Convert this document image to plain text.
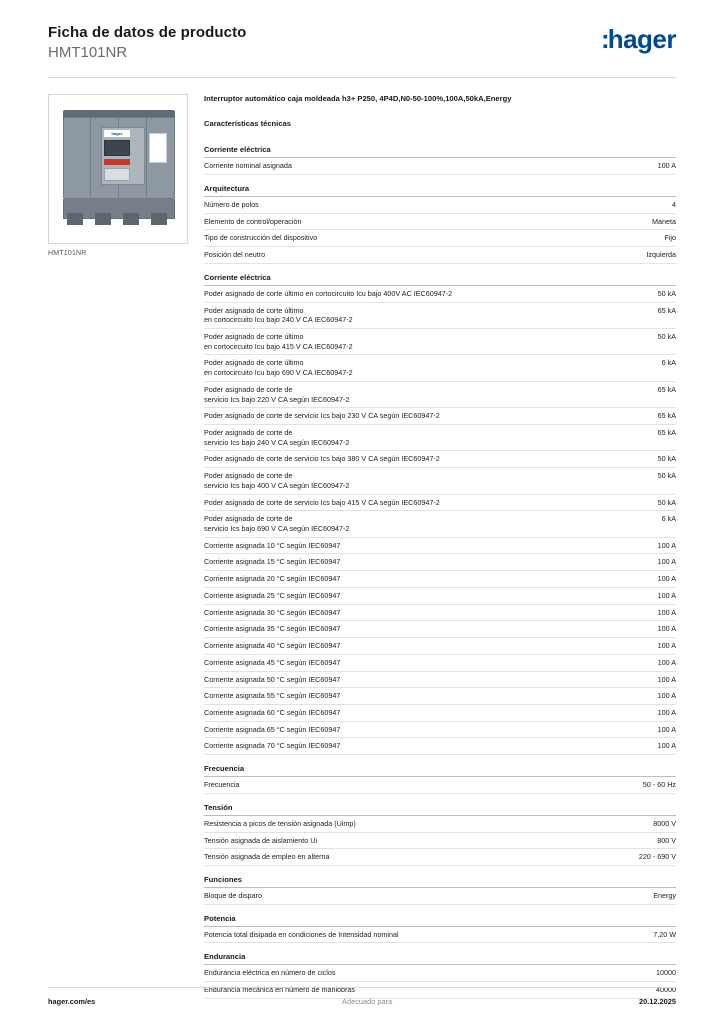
Ficha de datos de producto
HMT101NR	:hager
hager
HMT101NR
Interruptor automático caja moldeada h3+ P250, 4P4D,N0-50-100%,100A,50kA,Energy
Características técnicas
Corriente eléctrica
Corriente nominal asignada	100 A
Arquitectura
Número de polos	4
Elemento de control/operación	Maneta
Tipo de construcción del dispositivo	Fijo
Posición del neutro	Izquierda
Corriente eléctrica
Poder asignado de corte último en cortocircuito Icu bajo 400V AC IEC60947-2	50 kA
Poder asignado de corte último
en cortocircuito Icu bajo 240 V CA IEC60947-2	65 kA
Poder asignado de corte último
en cortocircuito Icu bajo 415 V CA IEC60947-2	50 kA
Poder asignado de corte último
en cortocircuito Icu bajo 690 V CA IEC60947-2	6 kA
Poder asignado de corte de
servicio Ics bajo 220 V CA según IEC60947-2	65 kA
Poder asignado de corte de servicio Ics bajo 230 V CA según IEC60947-2	65 kA
Poder asignado de corte de
servicio Ics bajo 240 V CA según IEC60947-2	65 kA
Poder asignado de corte de servicio Ics bajo 380 V CA según IEC60947-2	50 kA
Poder asignado de corte de
servicio Ics bajo 400 V CA según IEC60947-2	50 kA
Poder asignado de corte de servicio Ics bajo 415 V CA según IEC60947-2	50 kA
Poder asignado de corte de
servicio Ics bajo 690 V CA según IEC60947-2	6 kA
Corriente asignada 10 °C según IEC60947	100 A
Corriente asignada 15 °C según IEC60947	100 A
Corriente asignada 20 °C según IEC60947	100 A
Corriente asignada 25 °C según IEC60947	100 A
Corriente asignada 30 °C según IEC60947	100 A
Corriente asignada 35 °C según IEC60947	100 A
Corriente asignada 40 °C según IEC60947	100 A
Corriente asignada 45 °C según IEC60947	100 A
Corriente asignada 50 °C según IEC60947	100 A
Corriente asignada 55 °C según IEC60947	100 A
Corriente asignada 60 °C según IEC60947	100 A
Corriente asignada 65 °C según IEC60947	100 A
Corriente asignada 70 °C según IEC60947	100 A
Frecuencia
Frecuencia	50 - 60 Hz
Tensión
Resistencia a picos de tensión asignada (Uimp)	8000 V
Tensión asignada de aislamiento Ui	800 V
Tensión asignada de empleo en alterna	220 - 690 V
Funciones
Bloque de disparo	Energy
Potencia
Potencia total disipada en condiciones de Intensidad nominal	7,20 W
Endurancia
Endurancia eléctrica en número de ciclos	10000
Endurancia mecánica en número de maniobras	40000
hager.com/es	Adecuado para	20.12.2025
